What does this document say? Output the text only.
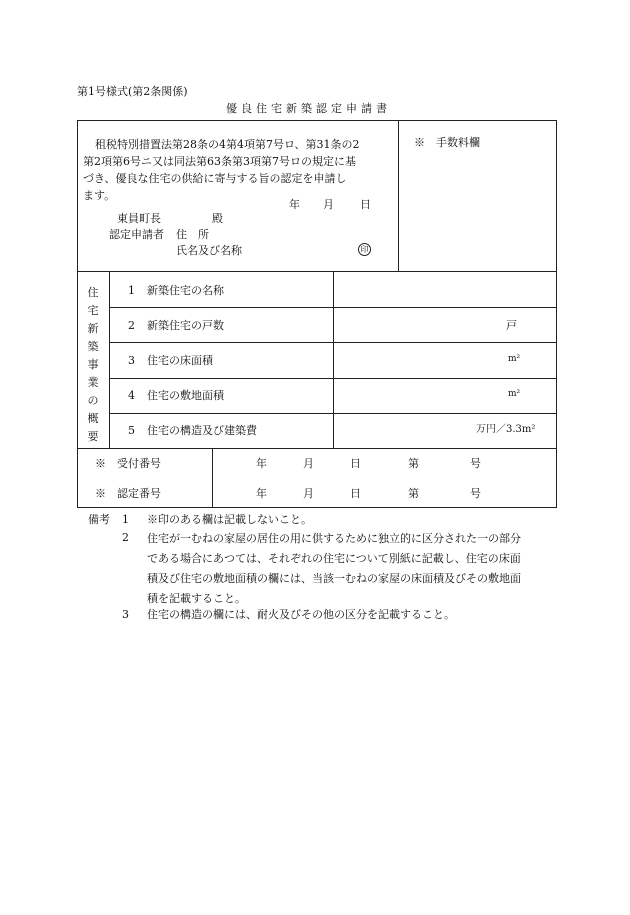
第1号様式(第2条関係)
優良住宅新築認定申請書
租税特別措置法第28条の4第4項第7号ロ、第31条の2
第2項第6号ニ又は同法第63条第3項第7号ロの規定に基
づき、優良な住宅の供給に寄与する旨の認定を申請し
ます。
年 月 日
東員町長	殿
認定申請者 住　所
氏名及び名称	印
※　手数料欄
住
宅
新
築
事
業
の
概
要
1 新築住宅の名称
2 新築住宅の戸数	戸
3 住宅の床面積	m²
4 住宅の敷地面積	m²
5 住宅の構造及び建築費	万円／3.3m²
※　受付番号	年	月	日	第	号
※　認定番号	年	月	日	第	号
備考 1 ※印のある欄は記載しないこと。
2 住宅が一むねの家屋の居住の用に供するために独立的に区分された一の部分
である場合にあつては、それぞれの住宅について別紙に記載し、住宅の床面
積及び住宅の敷地面積の欄には、当該一むねの家屋の床面積及びその敷地面
積を記載すること。
3 住宅の構造の欄には、耐火及びその他の区分を記載すること。
